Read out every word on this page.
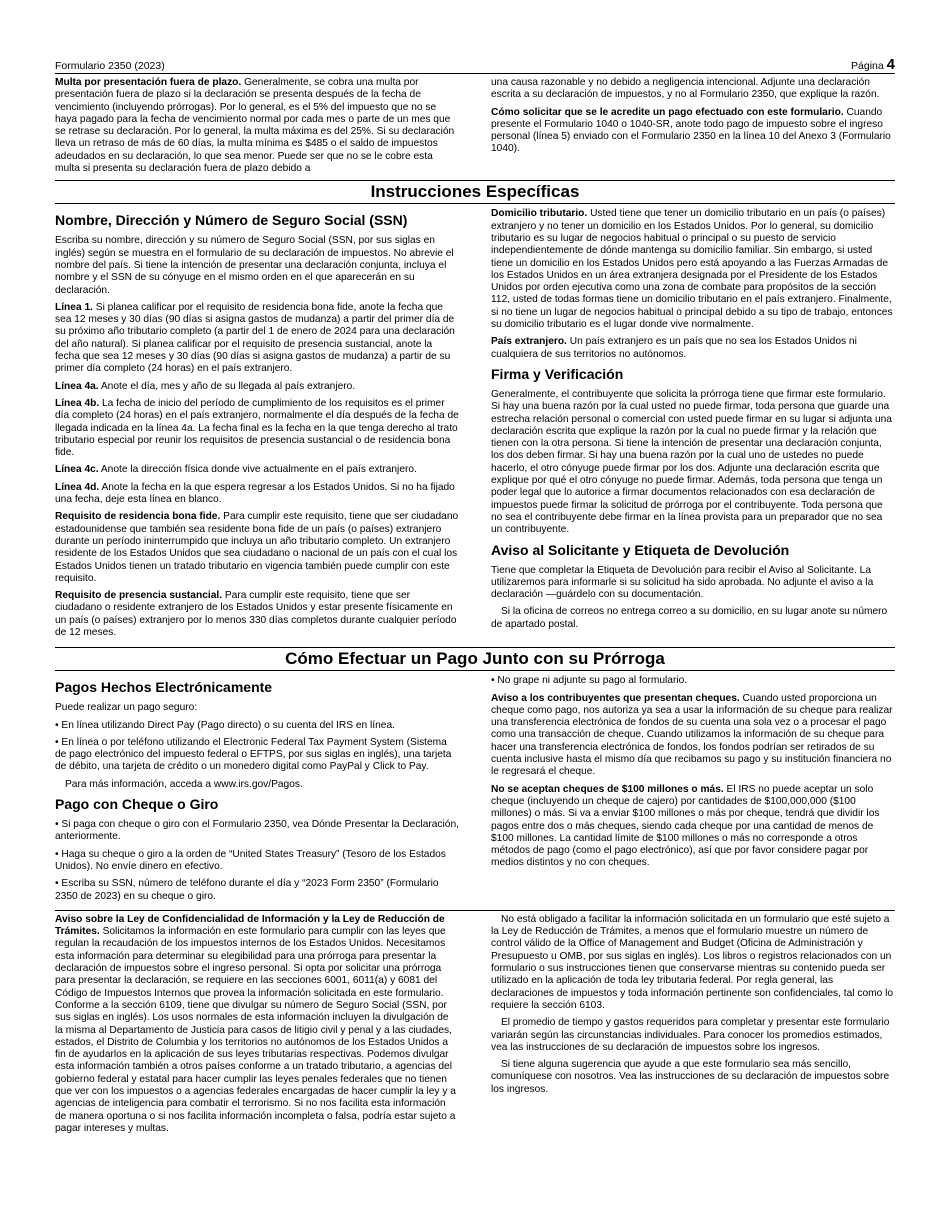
Formulario 2350 (2023)	Página 4

Multa por presentación fuera de plazo. Generalmente, se cobra una multa por presentación fuera de plazo si la declaración se presenta después de la fecha de vencimiento (incluyendo prórrogas). Por lo general, es el 5% del impuesto que no se haya pagado para la fecha de vencimiento normal por cada mes o parte de un mes que se retrase su declaración. Por lo general, la multa máxima es del 25%. Si su declaración lleva un retraso de más de 60 días, la multa mínima es $485 o el saldo de impuestos adeudados en su declaración, lo que sea menor. Puede ser que no se le cobre esta multa si presenta su declaración fuera de plazo debido a

una causa razonable y no debido a negligencia intencional. Adjunte una declaración escrita a su declaración de impuestos, y no al Formulario 2350, que explique la razón.

Cómo solicitar que se le acredite un pago efectuado con este formulario. Cuando presente el Formulario 1040 o 1040-SR, anote todo pago de impuesto sobre el ingreso personal (línea 5) enviado con el Formulario 2350 en la línea 10 del Anexo 3 (Formulario 1040).

Instrucciones Específicas
Nombre, Dirección y Número de Seguro Social (SSN)

Escriba su nombre, dirección y su número de Seguro Social (SSN, por sus siglas en inglés) según se muestra en el formulario de su declaración de impuestos. No abrevie el nombre del país. Si tiene la intención de presentar una declaración conjunta, incluya el nombre y el SSN de su cónyuge en el mismo orden en el que aparecerán en su declaración.

Línea 1. Si planea calificar por el requisito de residencia bona fide, anote la fecha que sea 12 meses y 30 días (90 días si asigna gastos de mudanza) a partir del primer día de su próximo año tributario completo (a partir del 1 de enero de 2024 para una declaración del año natural). Si planea calificar por el requisito de presencia sustancial, anote la fecha que sea 12 meses y 30 días (90 días si asigna gastos de mudanza) a partir de su primer día completo (24 horas) en el país extranjero.

Línea 4a. Anote el día, mes y año de su llegada al país extranjero.

Línea 4b. La fecha de inicio del período de cumplimiento de los requisitos es el primer día completo (24 horas) en el país extranjero, normalmente el día después de la fecha de llegada indicada en la línea 4a. La fecha final es la fecha en la que tenga derecho al trato tributario especial por reunir los requisitos de presencia sustancial o de residencia bona fide.

Línea 4c. Anote la dirección física donde vive actualmente en el país extranjero.

Línea 4d. Anote la fecha en la que espera regresar a los Estados Unidos. Si no ha fijado una fecha, deje esta línea en blanco.

Requisito de residencia bona fide. Para cumplir este requisito, tiene que ser ciudadano estadounidense que también sea residente bona fide de un país (o países) extranjero durante un período ininterrumpido que incluya un año tributario completo. Un extranjero residente de los Estados Unidos que sea ciudadano o nacional de un país con el cual los Estados Unidos tienen un tratado tributario en vigencia también puede cumplir con este requisito.

Requisito de presencia sustancial. Para cumplir este requisito, tiene que ser ciudadano o residente extranjero de los Estados Unidos y estar presente físicamente en un país (o países) extranjero por lo menos 330 días completos durante cualquier período de 12 meses.

Domicilio tributario. Usted tiene que tener un domicilio tributario en un país (o países) extranjero y no tener un domicilio en los Estados Unidos. Por lo general, su domicilio tributario es su lugar de negocios habitual o principal o su puesto de servicio independientemente de dónde mantenga su domicilio familiar. Sin embargo, si usted tiene un domicilio en los Estados Unidos pero está apoyando a las Fuerzas Armadas de los Estados Unidos en un área extranjera designada por el Presidente de los Estados Unidos por orden ejecutiva como una zona de combate para propósitos de la sección 112, usted de todas formas tiene un domicilio tributario en el país extranjero. Finalmente, si no tiene un lugar de negocios habitual o principal debido a su tipo de trabajo, entonces su domicilio tributario es el lugar donde vive normalmente.

País extranjero. Un país extranjero es un país que no sea los Estados Unidos ni cualquiera de sus territorios no autónomos.

Firma y Verificación

Generalmente, el contribuyente que solicita la prórroga tiene que firmar este formulario. Si hay una buena razón por la cual usted no puede firmar, toda persona que guarde una estrecha relación personal o comercial con usted puede firmar en su lugar si adjunta una declaración escrita que explique la razón por la cual no puede firmar y la relación que tienen con la otra persona. Si tiene la intención de presentar una declaración conjunta, los dos deben firmar. Si hay una buena razón por la cual uno de ustedes no puede hacerlo, el otro cónyuge puede firmar por los dos. Adjunte una declaración escrita que explique por qué el otro cónyuge no puede firmar. Además, toda persona que tenga un poder legal que lo autorice a firmar documentos relacionados con esa declaración de impuestos puede firmar la solicitud de prórroga por el contribuyente. Toda persona que no sea el contribuyente debe firmar en la línea provista para un preparador que no sea un contribuyente.

Aviso al Solicitante y Etiqueta de Devolución

Tiene que completar la Etiqueta de Devolución para recibir el Aviso al Solicitante. La utilizaremos para informarle si su solicitud ha sido aprobada. No adjunte el aviso a la declaración —guárdelo con su documentación.

Si la oficina de correos no entrega correo a su domicilio, en su lugar anote su número de apartado postal.

Cómo Efectuar un Pago Junto con su Prórroga
Pagos Hechos Electrónicamente

Puede realizar un pago seguro:

• En línea utilizando Direct Pay (Pago directo) o su cuenta del IRS en línea.

• En línea o por teléfono utilizando el Electronic Federal Tax Payment System (Sistema de pago electrónico del impuesto federal o EFTPS, por sus siglas en inglés), una tarjeta de débito, una tarjeta de crédito o un monedero digital como PayPal y Click to Pay.

Para más información, acceda a www.irs.gov/Pagos.

Pago con Cheque o Giro

• Si paga con cheque o giro con el Formulario 2350, vea Dónde Presentar la Declaración, anteriormente.

• Haga su cheque o giro a la orden de “United States Treasury” (Tesoro de los Estados Unidos). No envíe dinero en efectivo.

• Escriba su SSN, número de teléfono durante el día y “2023 Form 2350” (Formulario 2350 de 2023) en su cheque o giro.

• No grape ni adjunte su pago al formulario.

Aviso a los contribuyentes que presentan cheques. Cuando usted proporciona un cheque como pago, nos autoriza ya sea a usar la información de su cheque para realizar una transferencia electrónica de fondos de su cuenta una sola vez o a procesar el pago como una transacción de cheque. Cuando utilizamos la información de su cheque para hacer una transferencia electrónica de fondos, los fondos podrían ser retirados de su cuenta inclusive hasta el mismo día que recibamos su pago y su institución financiera no le regresará el cheque.

No se aceptan cheques de $100 millones o más. El IRS no puede aceptar un solo cheque (incluyendo un cheque de cajero) por cantidades de $100,000,000 ($100 millones) o más. Si va a enviar $100 millones o más por cheque, tendrá que dividir los pagos entre dos o más cheques, siendo cada cheque por una cantidad de menos de $100 millones. La cantidad límite de $100 millones o más no corresponde a otros métodos de pago (como el pago electrónico), así que por favor considere pagar por medios distintos y no con cheques.

Aviso sobre la Ley de Confidencialidad de Información y la Ley de Reducción de Trámites. Solicitamos la información en este formulario para cumplir con las leyes que regulan la recaudación de los impuestos internos de los Estados Unidos. Necesitamos esta información para determinar su elegibilidad para una prórroga para presentar la declaración de impuestos sobre el ingreso personal. Si opta por solicitar una prórroga para presentar la declaración, se requiere en las secciones 6001, 6011(a) y 6081 del Código de Impuestos Internos que provea la información solicitada en este formulario. Conforme a la sección 6109, tiene que divulgar su número de Seguro Social (SSN, por sus siglas en inglés). Los usos normales de esta información incluyen la divulgación de la misma al Departamento de Justicia para casos de litigio civil y penal y a las ciudades, estados, el Distrito de Columbia y los territorios no autónomos de los Estados Unidos a fin de ayudarlos en la aplicación de sus leyes tributarias respectivas. Podemos divulgar esta información también a otros países conforme a un tratado tributario, a agencias del gobierno federal y estatal para hacer cumplir las leyes penales federales que no tienen que ver con los impuestos o a agencias federales encargadas de hacer cumplir la ley y a agencias de inteligencia para combatir el terrorismo. Si no nos facilita esta información de manera oportuna o si nos facilita información incompleta o falsa, podría estar sujeto a pagar intereses y multas.

No está obligado a facilitar la información solicitada en un formulario que esté sujeto a la Ley de Reducción de Trámites, a menos que el formulario muestre un número de control válido de la Office of Management and Budget (Oficina de Administración y Presupuesto u OMB, por sus siglas en inglés). Los libros o registros relacionados con un formulario o sus instrucciones tienen que conservarse mientras su contenido pueda ser utilizado en la aplicación de toda ley tributaria federal. Por regla general, las declaraciones de impuestos y toda información pertinente son confidenciales, tal como lo requiere la sección 6103.

El promedio de tiempo y gastos requeridos para completar y presentar este formulario variarán según las circunstancias individuales. Para conocer los promedios estimados, vea las instrucciones de su declaración de impuestos sobre los ingresos.

Si tiene alguna sugerencia que ayude a que este formulario sea más sencillo, comuníquese con nosotros. Vea las instrucciones de su declaración de impuestos sobre los ingresos.
